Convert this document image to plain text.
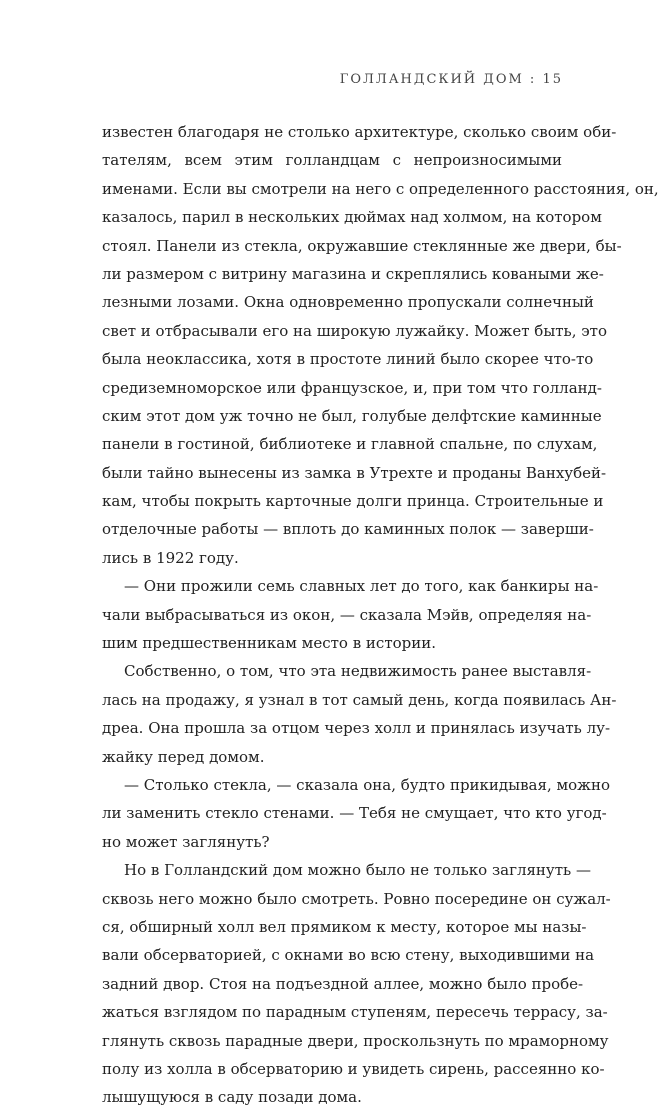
ГОЛЛАНДСКИЙ ДОМ : 15
известен благодаря не столько архитектуре, сколько своим оби-
тателям, всем этим голландцам с непроизносимыми
именами. Если вы смотрели на него с определенного расстояния, он,
казалось, парил в нескольких дюймах над холмом, на котором
стоял. Панели из стекла, окружавшие стеклянные же двери, бы-
ли размером с витрину магазина и скреплялись коваными же-
лезными лозами. Окна одновременно пропускали солнечный
свет и отбрасывали его на широкую лужайку. Может быть, это
была неоклассика, хотя в простоте линий было скорее что-то
средиземноморское или французское, и, при том что голланд-
ским этот дом уж точно не был, голубые делфтские каминные
панели в гостиной, библиотеке и главной спальне, по слухам,
были тайно вынесены из замка в Утрехте и проданы Ванхубей-
кам, чтобы покрыть карточные долги принца. Строительные и
отделочные работы — вплоть до каминных полок — заверши-
лись в 1922 году.
— Они прожили семь славных лет до того, как банкиры на-
чали выбрасываться из окон, — сказала Мэйв, определяя на-
шим предшественникам место в истории.
Собственно, о том, что эта недвижимость ранее выставля-
лась на продажу, я узнал в тот самый день, когда появилась Ан-
дреа. Она прошла за отцом через холл и принялась изучать лу-
жайку перед домом.
— Столько стекла, — сказала она, будто прикидывая, можно
ли заменить стекло стенами. — Тебя не смущает, что кто угод-
но может заглянуть?
Но в Голландский дом можно было не только заглянуть —
сквозь него можно было смотреть. Ровно посередине он сужал-
ся, обширный холл вел прямиком к месту, которое мы назы-
вали обсерваторией, с окнами во всю стену, выходившими на
задний двор. Стоя на подъездной аллее, можно было пробе-
жаться взглядом по парадным ступеням, пересечь террасу, за-
глянуть сквозь парадные двери, проскользнуть по мраморному
полу из холла в обсерваторию и увидеть сирень, рассеянно ко-
лышущуюся в саду позади дома.
